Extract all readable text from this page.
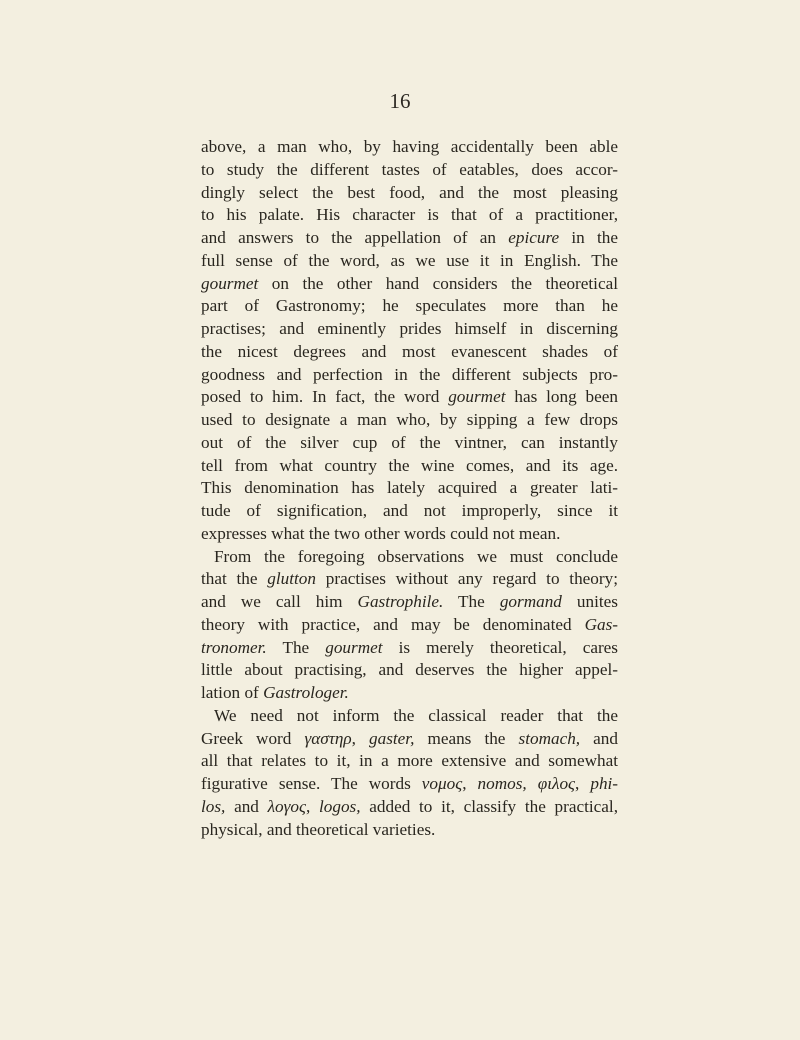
16
above, a man who, by having accidentally been able
to study the different tastes of eatables, does accor-
dingly select the best food, and the most pleasing
to his palate. His character is that of a practitioner,
and answers to the appellation of an epicure in the
full sense of the word, as we use it in English. The
gourmet on the other hand considers the theoretical
part of Gastronomy; he speculates more than he
practises; and eminently prides himself in discerning
the nicest degrees and most evanescent shades of
goodness and perfection in the different subjects pro-
posed to him. In fact, the word gourmet has long been
used to designate a man who, by sipping a few drops
out of the silver cup of the vintner, can instantly
tell from what country the wine comes, and its age.
This denomination has lately acquired a greater lati-
tude of signification, and not improperly, since it
expresses what the two other words could not mean.
From the foregoing observations we must conclude
that the glutton practises without any regard to theory;
and we call him Gastrophile. The gormand unites
theory with practice, and may be denominated Gas-
tronomer. The gourmet is merely theoretical, cares
little about practising, and deserves the higher appel-
lation of Gastrologer.
We need not inform the classical reader that the
Greek word γαστηρ, gaster, means the stomach, and
all that relates to it, in a more extensive and somewhat
figurative sense. The words νομος, nomos, φιλος, phi-
los, and λογος, logos, added to it, classify the practical,
physical, and theoretical varieties.
